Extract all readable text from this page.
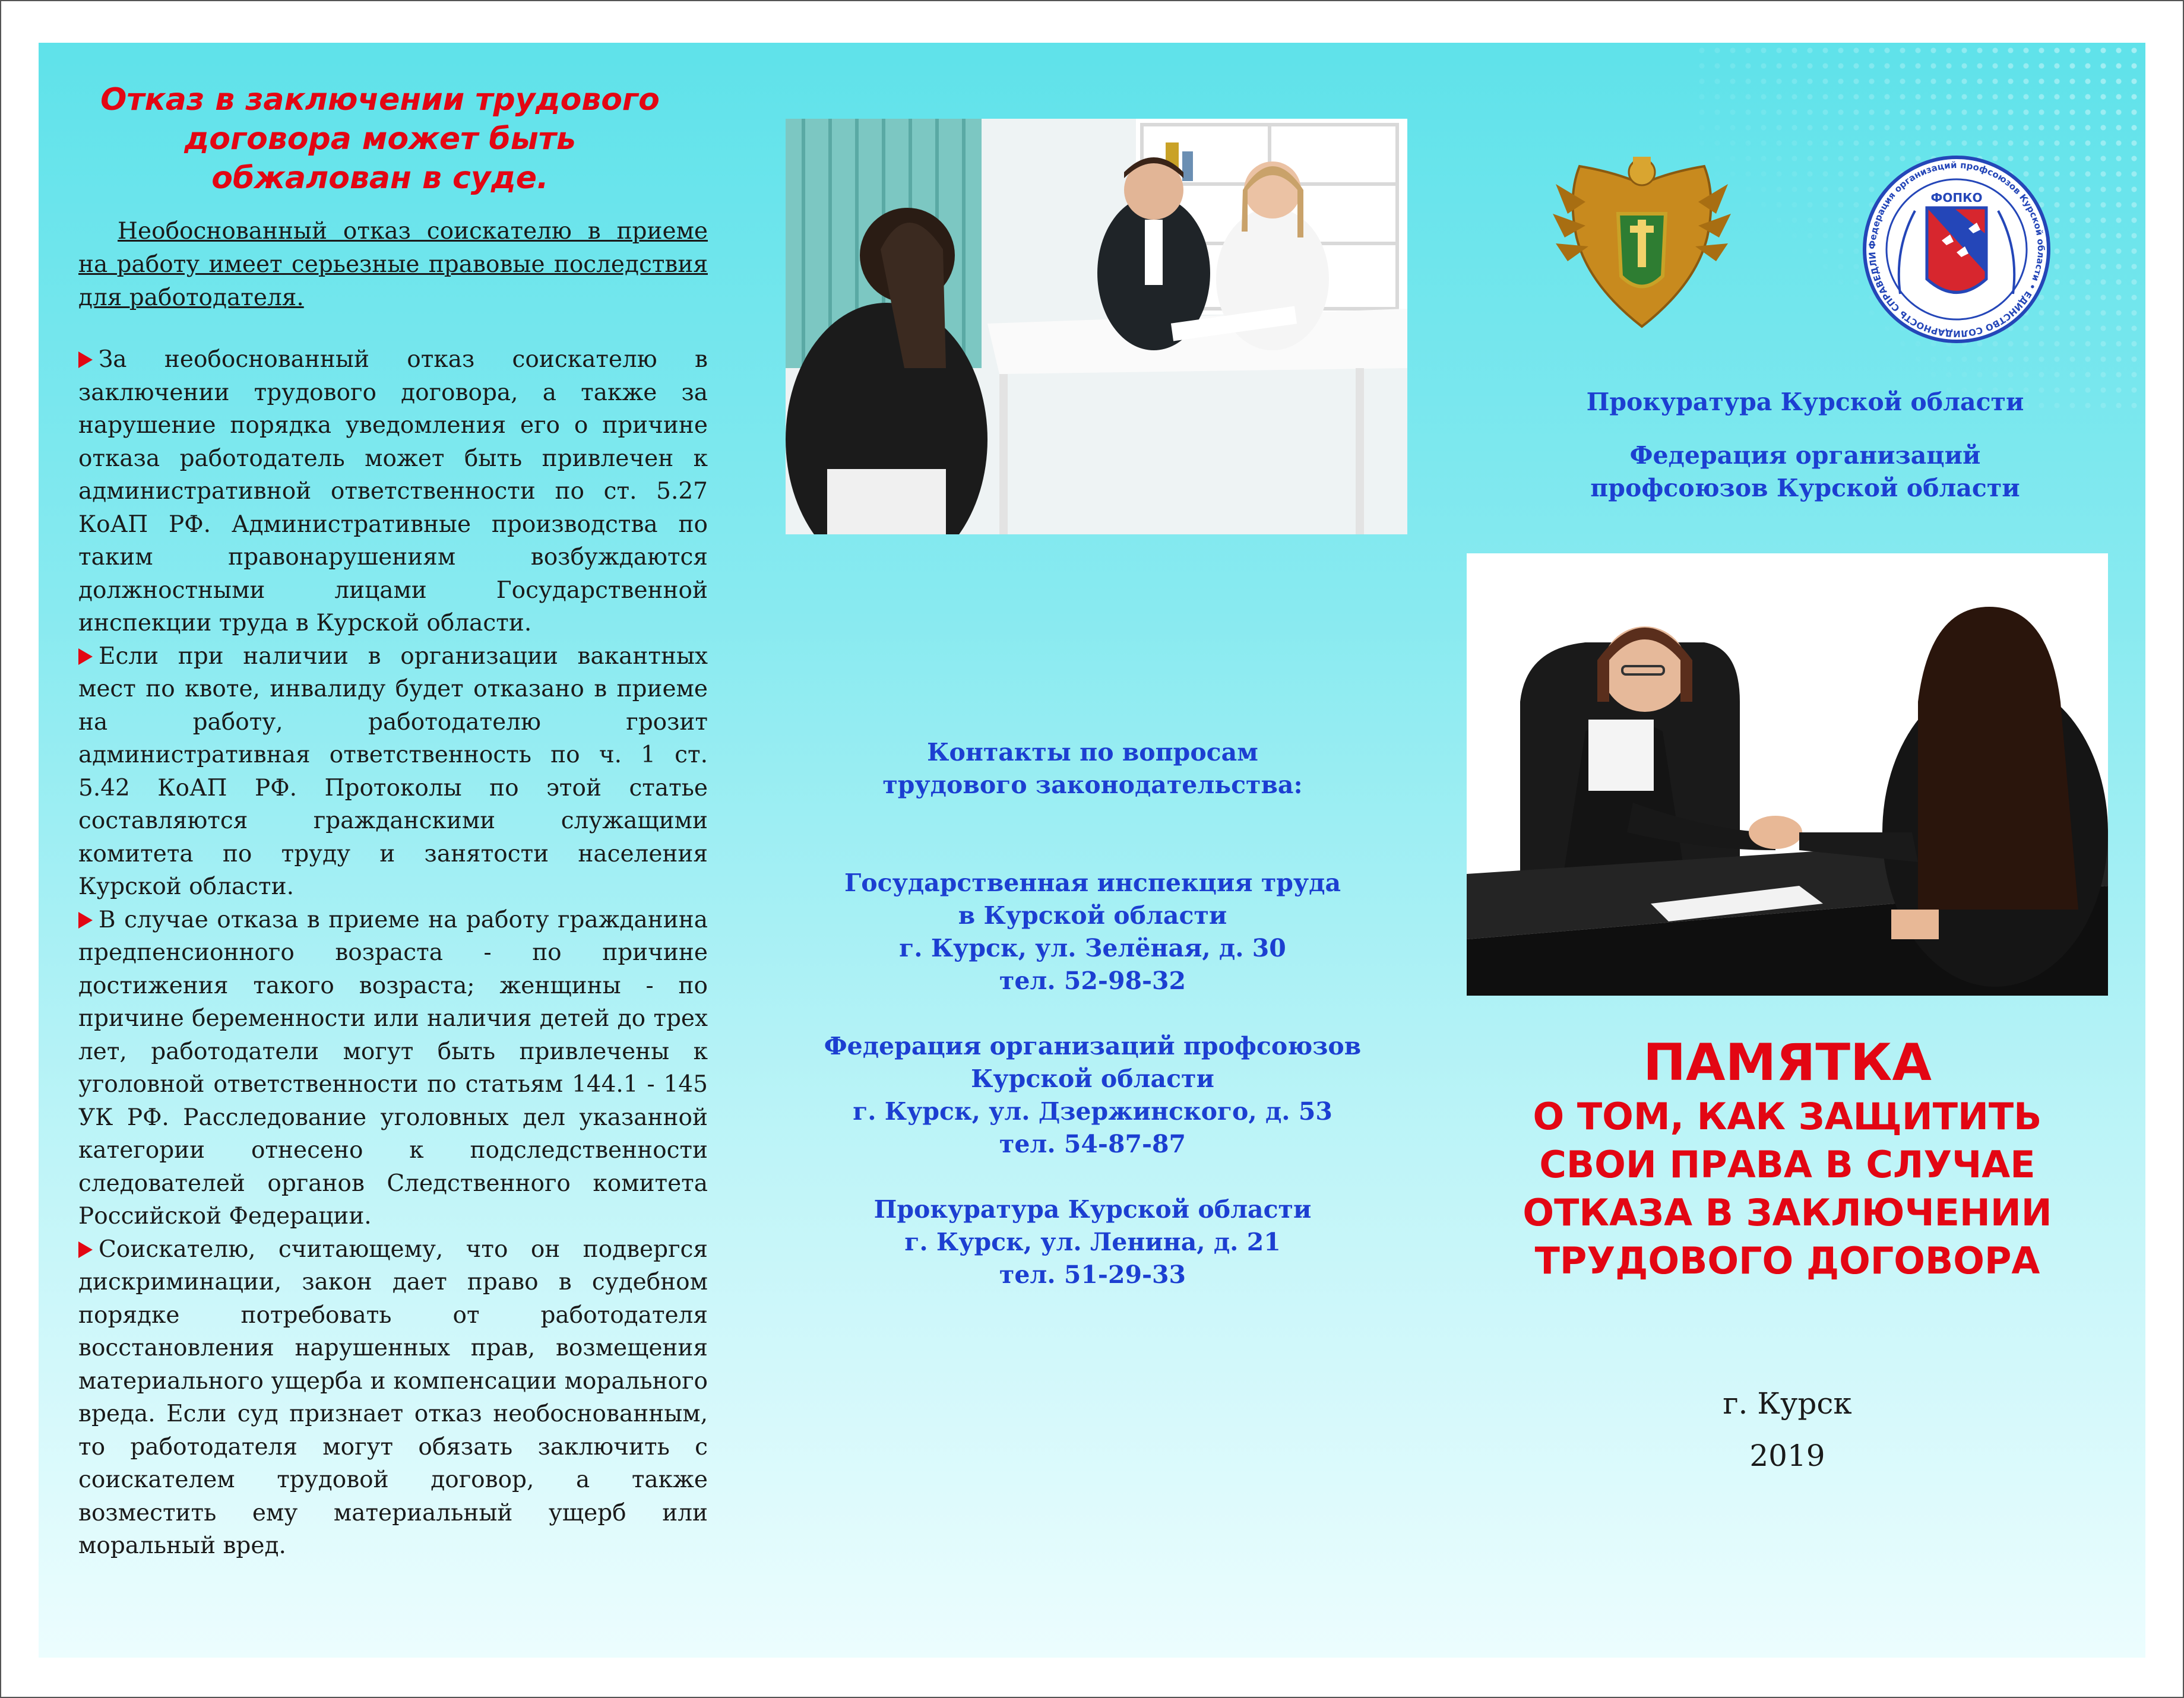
Отказ в заключении трудового договора может быть обжалован в суде.
Необоснованный отказ соискателю в приеме на работу имеет серьезные правовые последствия для работодателя.

За необоснованный отказ соискателю в заключении трудового договора, а также за нарушение порядка уведомления его о причине отказа работодатель может быть привлечен к административной ответственности по ст. 5.27 КоАП РФ. Административные производства по таким правонарушениям возбуждаются должностными лицами Государственной инспекции труда в Курской области.

Если при наличии в организации вакантных мест по квоте, инвалиду будет отказано в приеме на работу, работодателю грозит административная ответственность по ч. 1 ст. 5.42 КоАП РФ. Протоколы по этой статье составляются гражданскими служащими комитета по труду и занятости населения Курской области.

В случае отказа в приеме на работу гражданина предпенсионного возраста - по причине достижения такого возраста; женщины - по причине беременности или наличия детей до трех лет, работодатели могут быть привлечены к уголовной ответственности по статьям 144.1 - 145 УК РФ. Расследование уголовных дел указанной категории отнесено к подследственности следователей органов Следственного комитета Российской Федерации.

Соискателю, считающему, что он подвергся дискриминации, закон дает право в судебном порядке потребовать от работодателя восстановления нарушенных прав, возмещения материального ущерба и компенсации морального вреда. Если суд признает отказ необоснованным, то работодателя могут обязать заключить с соискателем трудовой договор, а также возместить ему материальный ущерб или моральный вред.

Контакты по вопросам
трудового законодательства:
Государственная инспекция труда
в Курской области
г. Курск, ул. Зелёная, д. 30
тел. 52-98-32
Федерация организаций профсоюзов
Курской области
г. Курск, ул. Дзержинского, д. 53
тел. 54-87-87
Прокуратура Курской области
г. Курск, ул. Ленина, д. 21
тел. 51-29-33
Федерация организаций профсоюзов Курской области • ЕДИНСТВО СОЛИДАРНОСТЬ СПРАВЕДЛИ
ФОПКО
Прокуратура Курской области
Федерация организаций
профсоюзов Курской области
ПАМЯТКА
О ТОМ, КАК ЗАЩИТИТЬ
СВОИ ПРАВА В СЛУЧАЕ
ОТКАЗА В ЗАКЛЮЧЕНИИ
ТРУДОВОГО ДОГОВОРА
г. Курск
2019
